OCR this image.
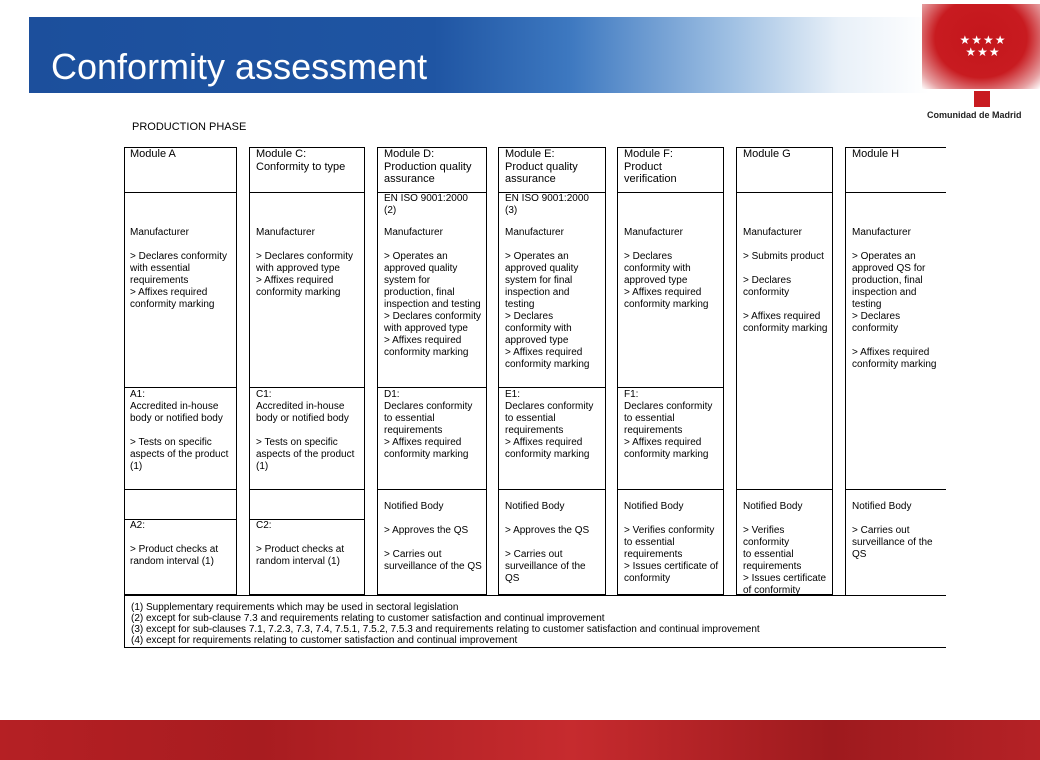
Conformity assessment
★★★★
★★★
Comunidad de Madrid
PRODUCTION PHASE
Module A
Manufacturer

> Declares conformity
with essential
requirements
> Affixes required
conformity marking
A1:
Accredited in-house
body or notified body

> Tests on specific
aspects of the product
(1)
A2:

> Product checks at
random interval (1)
Module C:
Conformity to type
Manufacturer

> Declares conformity
with approved type
> Affixes required
conformity marking
C1:
Accredited in-house
body or notified body

> Tests on specific
aspects of the product
(1)
C2:

> Product checks at
random interval (1)
Module D:
Production quality
assurance
EN ISO 9001:2000
(2)
Manufacturer

> Operates an
approved quality
system for
production, final
inspection and testing
> Declares conformity
with approved type
> Affixes required
conformity marking
D1:
Declares conformity
to essential
requirements
> Affixes required
conformity marking
Notified Body

> Approves the QS

> Carries out
surveillance of the QS
Module E:
Product quality
assurance
EN ISO 9001:2000
(3)
Manufacturer

> Operates an
approved quality
system for final
inspection and
testing
> Declares
conformity with
approved type
> Affixes required
conformity marking
E1:
Declares conformity
to essential
requirements
> Affixes required
conformity marking
Notified Body

> Approves the QS

> Carries out
surveillance of the
QS
Module F:
Product
verification
Manufacturer

> Declares
conformity with
approved type
> Affixes required
conformity marking
F1:
Declares conformity
to essential
requirements
> Affixes required
conformity marking
Notified Body

> Verifies conformity
to essential
requirements
> Issues certificate of
conformity
Module G
Manufacturer

> Submits product

> Declares
conformity

> Affixes required
conformity marking
Notified Body

> Verifies
conformity
to essential
requirements
> Issues certificate
of conformity
Module H
Manufacturer

> Operates an
approved QS for
production, final
inspection and
testing
> Declares
conformity

> Affixes required
conformity marking
Notified Body

> Carries out
surveillance of the
QS
(1) Supplementary requirements which may be used in sectoral legislation
(2) except for sub-clause 7.3 and requirements relating to customer satisfaction and continual improvement
(3) except for sub-clauses 7.1, 7.2.3, 7.3, 7.4, 7.5.1, 7.5.2, 7.5.3 and requirements relating to customer satisfaction and continual improvement
(4) except for requirements relating to customer satisfaction and continual improvement
